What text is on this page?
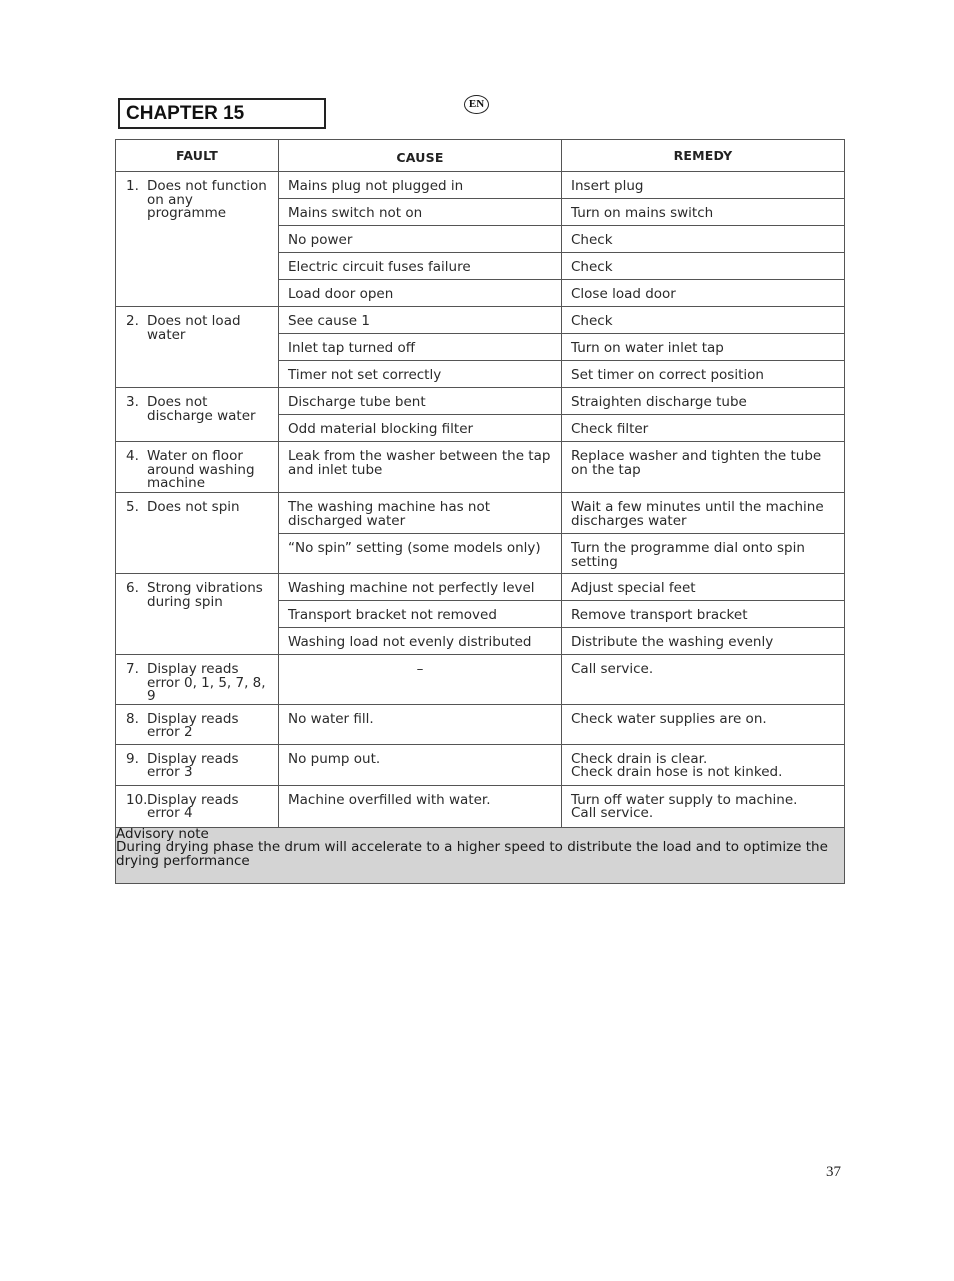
CHAPTER 15	EN
FAULT	CAUSE	REMEDY

1. Does not function on any programme	Mains plug not plugged in	Insert plug

	Mains switch not on	Turn on mains switch

	No power	Check

	Electric circuit fuses failure	Check

	Load door open	Close load door

2. Does not load water	See cause 1	Check

	Inlet tap turned off	Turn on water inlet tap

	Timer not set correctly	Set timer on correct position

3. Does not discharge water	Discharge tube bent	Straighten discharge tube

	Odd material blocking filter	Check filter

4. Water on floor around washing machine	Leak from the washer between the tap and inlet tube	Replace washer and tighten the tube on the tap

5. Does not spin	The washing machine has not discharged water	Wait a few minutes until the machine discharges water

	“No spin” setting (some models only)	Turn the programme dial onto spin setting

6. Strong vibrations during spin	Washing machine not perfectly level	Adjust special feet

	Transport bracket not removed	Remove transport bracket

	Washing load not evenly distributed	Distribute the washing evenly

7. Display reads error 0, 1, 5, 7, 8, 9	–	Call service.

8. Display reads error 2	No water fill.	Check water supplies are on.

9. Display reads error 3	No pump out.	Check drain is clear.
Check drain hose is not kinked.

10. Display reads error 4	Machine overfilled with water.	Turn off water supply to machine.
Call service.

Advisory note
During drying phase the drum will accelerate to a higher speed to distribute the load and to optimize the drying performance		
37
